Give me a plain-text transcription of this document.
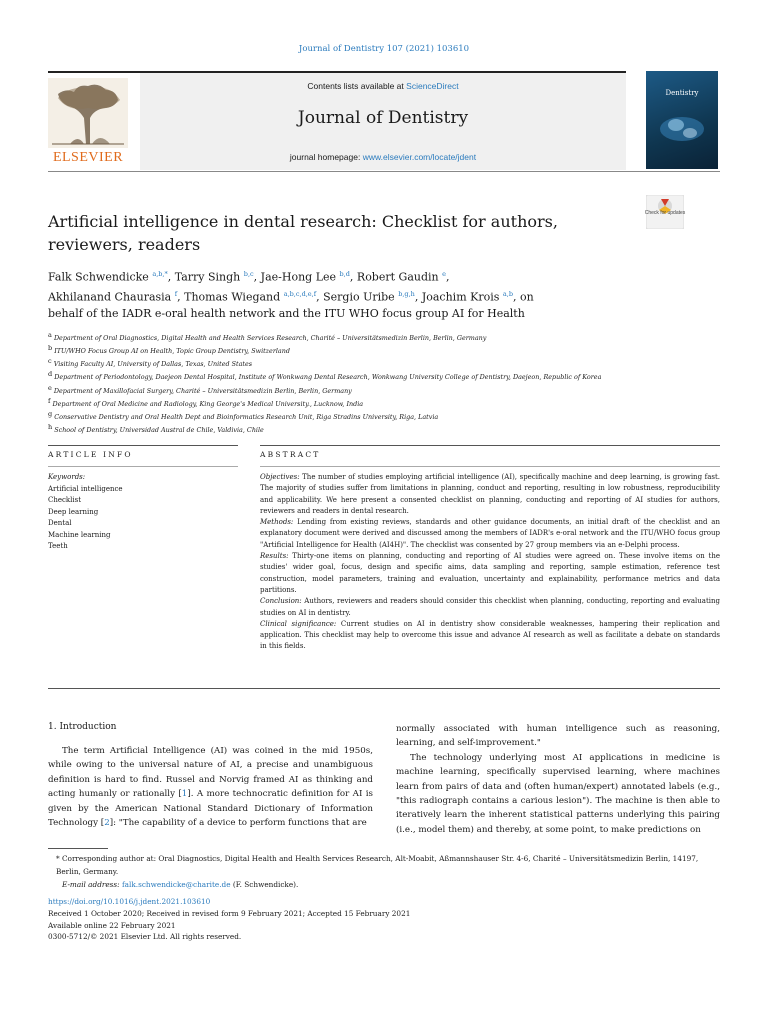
Journal of Dentistry 107 (2021) 103610
Contents lists available at ScienceDirect
Journal of Dentistry
journal homepage: www.elsevier.com/locate/jdent
ELSEVIER
Dentistry
Check for updates
Artificial intelligence in dental research: Checklist for authors, reviewers, readers
Falk Schwendicke $^{a,b,*}$, Tarry Singh $^{b,c}$, Jae-Hong Lee $^{b,d}$, Robert Gaudin $^e$,
Akhilanand Chaurasia $^f$, Thomas Wiegand $^{a,b,c,d,e,f}$, Sergio Uribe $^{b,g,h}$, Joachim Krois $^{a,b}$, on
behalf of the IADR e-oral health network and the ITU WHO focus group AI for Health
$^a$ Department of Oral Diagnostics, Digital Health and Health Services Research, Charité – Universitätsmedizin Berlin, Berlin, Germany
$^b$ ITU/WHO Focus Group AI on Health, Topic Group Dentistry, Switzerland
$^c$ Visiting Faculty AI, University of Dallas, Texas, United States
$^d$ Department of Periodontology, Daejeon Dental Hospital, Institute of Wonkwang Dental Research, Wonkwang University College of Dentistry, Daejeon, Republic of Korea
$^e$ Department of Maxillofacial Surgery, Charité – Universitätsmedizin Berlin, Berlin, Germany
$^f$ Department of Oral Medicine and Radiology, King George's Medical University., Lucknow, India
$^g$ Conservative Dentistry and Oral Health Dept and Bioinformatics Research Unit, Riga Stradins University, Riga, Latvia
$^h$ School of Dentistry, Universidad Austral de Chile, Valdivia, Chile
ARTICLE INFO	ABSTRACT
Keywords:
Artificial intelligence
Checklist
Deep learning
Dental
Machine learning
Teeth

Objectives: The number of studies employing artificial intelligence (AI), specifically machine and deep learning, is growing fast. The majority of studies suffer from limitations in planning, conduct and reporting, resulting in low robustness, reproducibility and applicability. We here present a consented checklist on planning, conducting and reporting of AI studies for authors, reviewers and readers in dental research.

Methods: Lending from existing reviews, standards and other guidance documents, an initial draft of the checklist and an explanatory document were derived and discussed among the members of IADR's e-oral network and the ITU/WHO focus group "Artificial Intelligence for Health (AI4H)". The checklist was consented by 27 group members via an e-Delphi process.

Results: Thirty-one items on planning, conducting and reporting of AI studies were agreed on. These involve items on the studies' wider goal, focus, design and specific aims, data sampling and reporting, sample estimation, reference test construction, model parameters, training and evaluation, uncertainty and explainability, performance metrics and data partitions.

Conclusion: Authors, reviewers and readers should consider this checklist when planning, conducting, reporting and evaluating studies on AI in dentistry.

Clinical significance: Current studies on AI in dentistry show considerable weaknesses, hampering their replication and application. This checklist may help to overcome this issue and advance AI research as well as facilitate a debate on standards in this fields.

1. Introduction

The term Artificial Intelligence (AI) was coined in the mid 1950s, while owing to the universal nature of AI, a precise and unambiguous definition is hard to find. Russel and Norvig framed AI as thinking and acting humanly or rationally [1]. A more technocratic definition for AI is given by the American National Standard Dictionary of Information Technology [2]: "The capability of a device to perform functions that are

normally associated with human intelligence such as reasoning, learning, and self-improvement."

The technology underlying most AI applications in medicine is machine learning, specifically supervised learning, where machines learn from pairs of data and (often human/expert) annotated labels (e.g., "this radiograph contains a carious lesion"). The machine is then able to iteratively learn the inherent statistical patterns underlying this pairing (i.e., model them) and thereby, at some point, to make predictions on

* Corresponding author at: Oral Diagnostics, Digital Health and Health Services Research, Alt-Moabit, Aßmannshauser Str. 4-6, Charité – Universitätsmedizin Berlin, 14197, Berlin, Germany.
E-mail address: falk.schwendicke@charite.de (F. Schwendicke).
https://doi.org/10.1016/j.jdent.2021.103610
Received 1 October 2020; Received in revised form 9 February 2021; Accepted 15 February 2021
Available online 22 February 2021
0300-5712/© 2021 Elsevier Ltd. All rights reserved.
